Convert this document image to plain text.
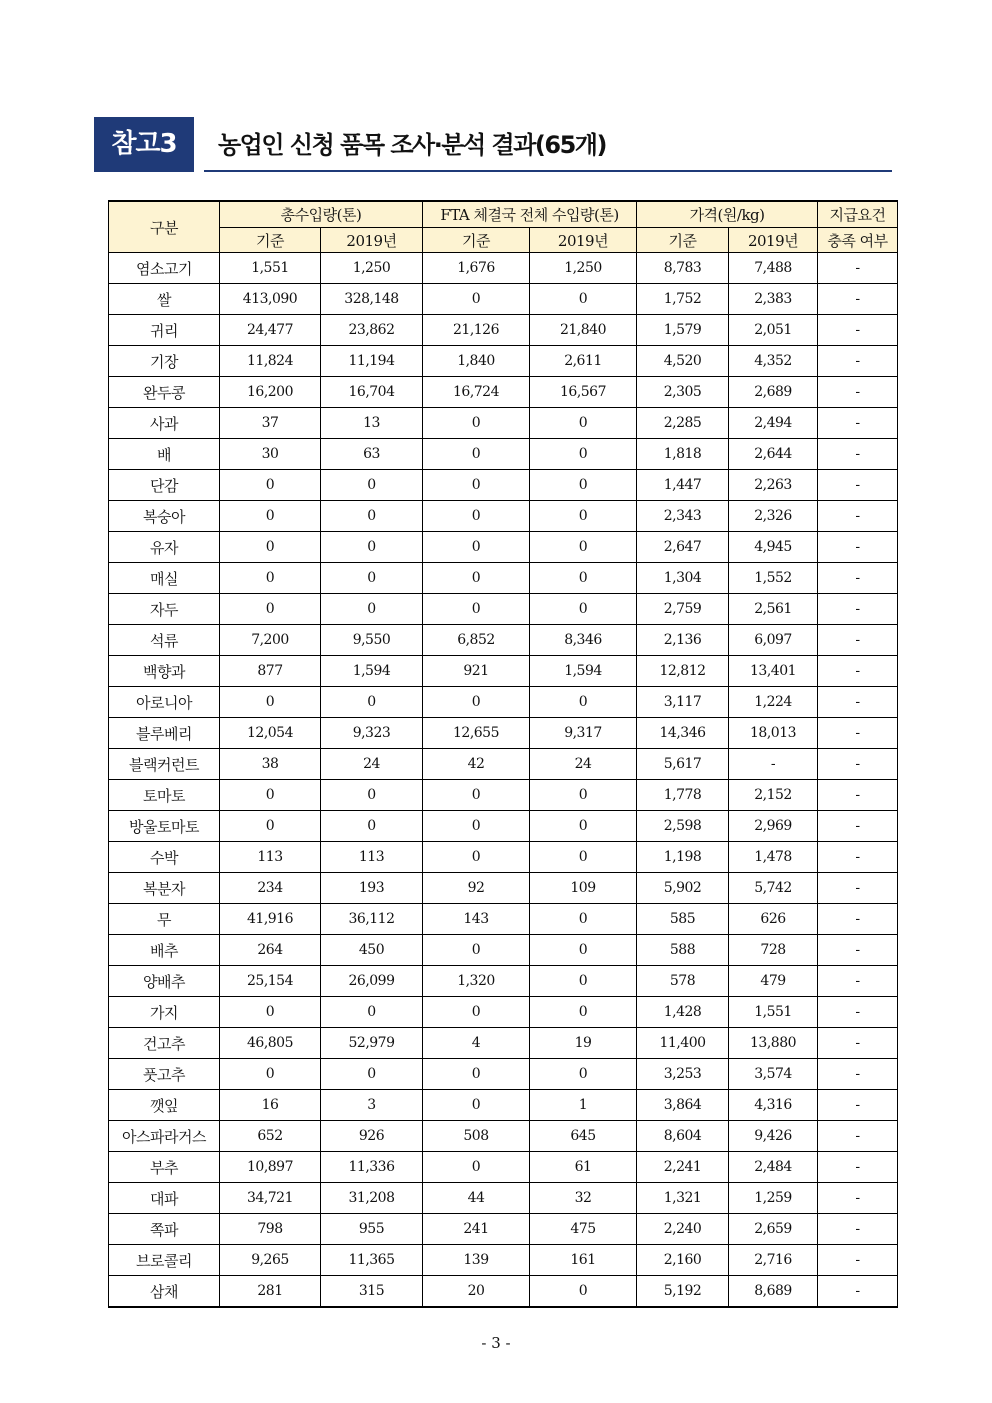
참고3	농업인 신청 품목 조사·분석 결과(65개)
구분	총수입량(톤)		FTA 체결국 전체 수입량(톤)		가격(원/kg)		지급요건
	기준	2019년	기준	2019년	기준	2019년	충족 여부
염소고기	1,551	1,250	1,676	1,250	8,783	7,488	-
쌀	413,090	328,148	0	0	1,752	2,383	-
귀리	24,477	23,862	21,126	21,840	1,579	2,051	-
기장	11,824	11,194	1,840	2,611	4,520	4,352	-
완두콩	16,200	16,704	16,724	16,567	2,305	2,689	-
사과	37	13	0	0	2,285	2,494	-
배	30	63	0	0	1,818	2,644	-
단감	0	0	0	0	1,447	2,263	-
복숭아	0	0	0	0	2,343	2,326	-
유자	0	0	0	0	2,647	4,945	-
매실	0	0	0	0	1,304	1,552	-
자두	0	0	0	0	2,759	2,561	-
석류	7,200	9,550	6,852	8,346	2,136	6,097	-
백향과	877	1,594	921	1,594	12,812	13,401	-
아로니아	0	0	0	0	3,117	1,224	-
블루베리	12,054	9,323	12,655	9,317	14,346	18,013	-
블랙커런트	38	24	42	24	5,617	-	-
토마토	0	0	0	0	1,778	2,152	-
방울토마토	0	0	0	0	2,598	2,969	-
수박	113	113	0	0	1,198	1,478	-
복분자	234	193	92	109	5,902	5,742	-
무	41,916	36,112	143	0	585	626	-
배추	264	450	0	0	588	728	-
양배추	25,154	26,099	1,320	0	578	479	-
가지	0	0	0	0	1,428	1,551	-
건고추	46,805	52,979	4	19	11,400	13,880	-
풋고추	0	0	0	0	3,253	3,574	-
깻잎	16	3	0	1	3,864	4,316	-
아스파라거스	652	926	508	645	8,604	9,426	-
부추	10,897	11,336	0	61	2,241	2,484	-
대파	34,721	31,208	44	32	1,321	1,259	-
쪽파	798	955	241	475	2,240	2,659	-
브로콜리	9,265	11,365	139	161	2,160	2,716	-
삼채	281	315	20	0	5,192	8,689	-
- 3 -
